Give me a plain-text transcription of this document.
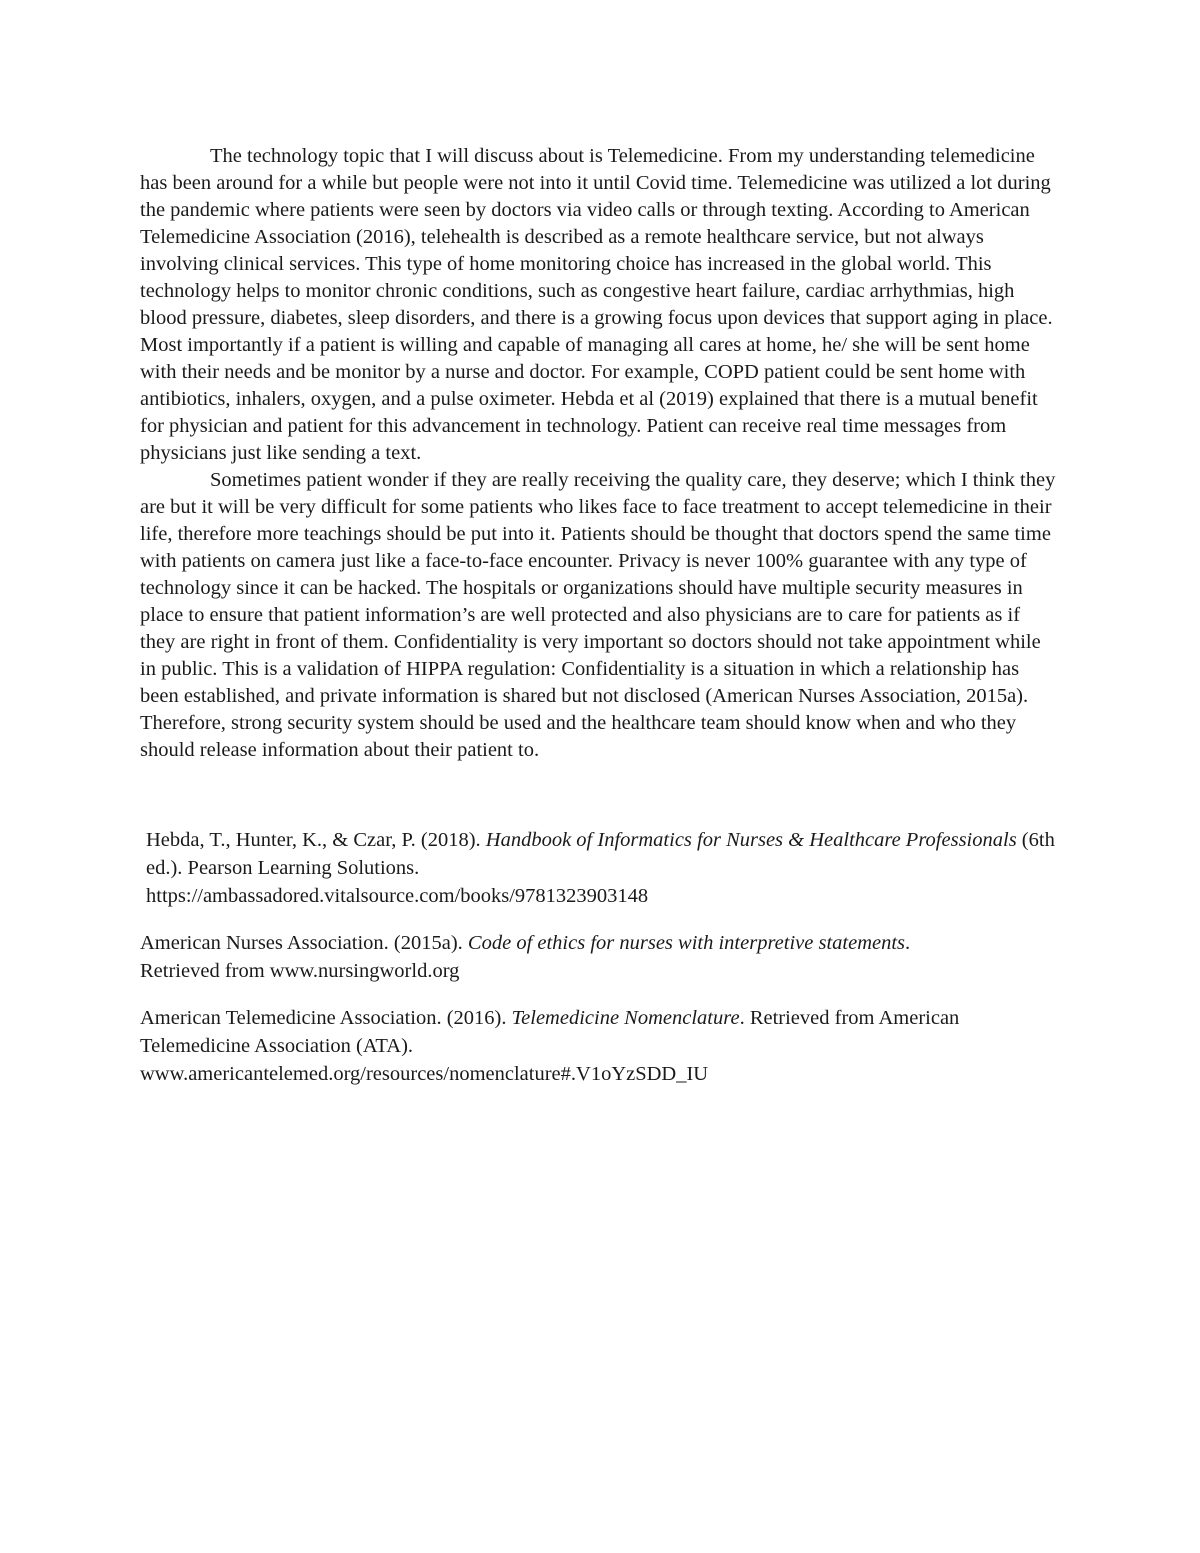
The technology topic that I will discuss about is Telemedicine. From my understanding telemedicine has been around for a while but people were not into it until Covid time. Telemedicine was utilized a lot during the pandemic where patients were seen by doctors via video calls or through texting. According to American Telemedicine Association (2016), telehealth is described as a remote healthcare service, but not always involving clinical services. This type of home monitoring choice has increased in the global world. This technology helps to monitor chronic conditions, such as congestive heart failure, cardiac arrhythmias, high blood pressure, diabetes, sleep disorders, and there is a growing focus upon devices that support aging in place. Most importantly if a patient is willing and capable of managing all cares at home, he/ she will be sent home with their needs and be monitor by a nurse and doctor. For example, COPD patient could be sent home with antibiotics, inhalers, oxygen, and a pulse oximeter. Hebda et al (2019) explained that there is a mutual benefit for physician and patient for this advancement in technology. Patient can receive real time messages from physicians just like sending a text.

Sometimes patient wonder if they are really receiving the quality care, they deserve; which I think they are but it will be very difficult for some patients who likes face to face treatment to accept telemedicine in their life, therefore more teachings should be put into it. Patients should be thought that doctors spend the same time with patients on camera just like a face-to-face encounter. Privacy is never 100% guarantee with any type of technology since it can be hacked. The hospitals or organizations should have multiple security measures in place to ensure that patient information’s are well protected and also physicians are to care for patients as if they are right in front of them. Confidentiality is very important so doctors should not take appointment while in public. This is a validation of HIPPA regulation: Confidentiality is a situation in which a relationship has been established, and private information is shared but not disclosed (American Nurses Association, 2015a). Therefore, strong security system should be used and the healthcare team should know when and who they should release information about their patient to.

Hebda, T., Hunter, K., & Czar, P. (2018). Handbook of Informatics for Nurses & Healthcare Professionals (6th ed.). Pearson Learning Solutions.
https://ambassadored.vitalsource.com/books/9781323903148

American Nurses Association. (2015a). Code of ethics for nurses with interpretive statements.
Retrieved from www.nursingworld.org

American Telemedicine Association. (2016). Telemedicine Nomenclature. Retrieved from American Telemedicine Association (ATA).
www.americantelemed.org/resources/nomenclature#.V1oYzSDD_IU
